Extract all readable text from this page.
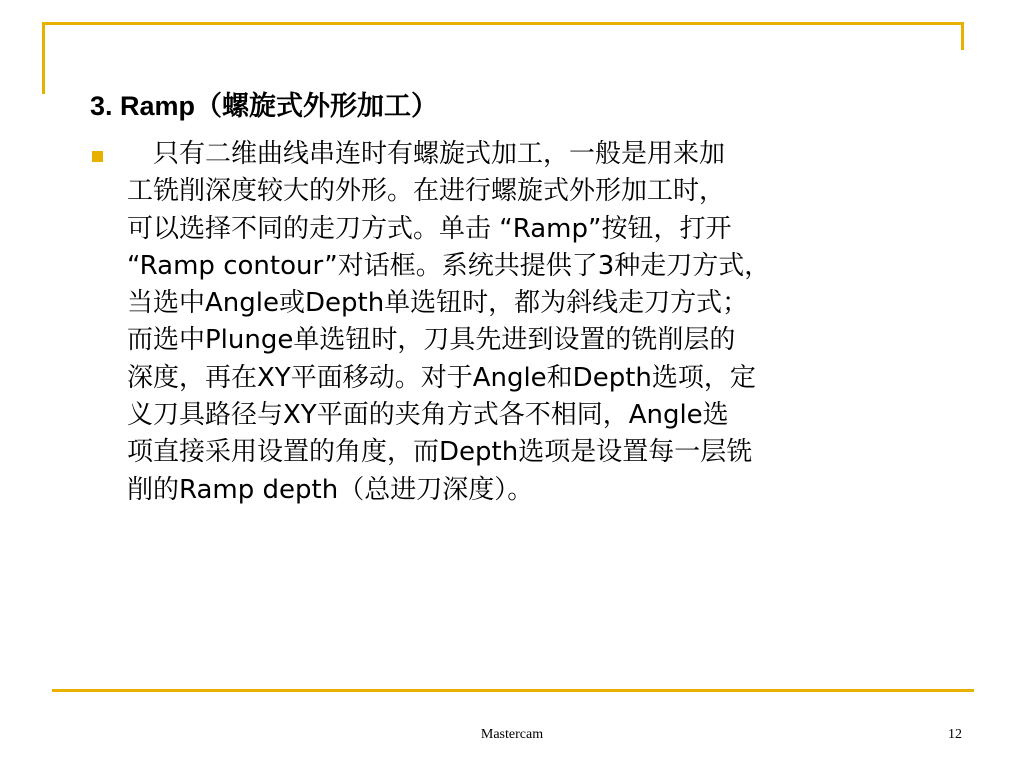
3. Ramp（螺旋式外形加工）
　只有二维曲线串连时有螺旋式加工，一般是用来加
工铣削深度较大的外形。在进行螺旋式外形加工时，
可以选择不同的走刀方式。单击 “Ramp”按钮，打开
“Ramp contour”对话框。系统共提供了3种走刀方式，
当选中Angle或Depth单选钮时，都为斜线走刀方式；
而选中Plunge单选钮时，刀具先进到设置的铣削层的
深度，再在XY平面移动。对于Angle和Depth选项，定
义刀具路径与XY平面的夹角方式各不相同，Angle选
项直接采用设置的角度，而Depth选项是设置每一层铣
削的Ramp depth（总进刀深度）。
Mastercam	12
